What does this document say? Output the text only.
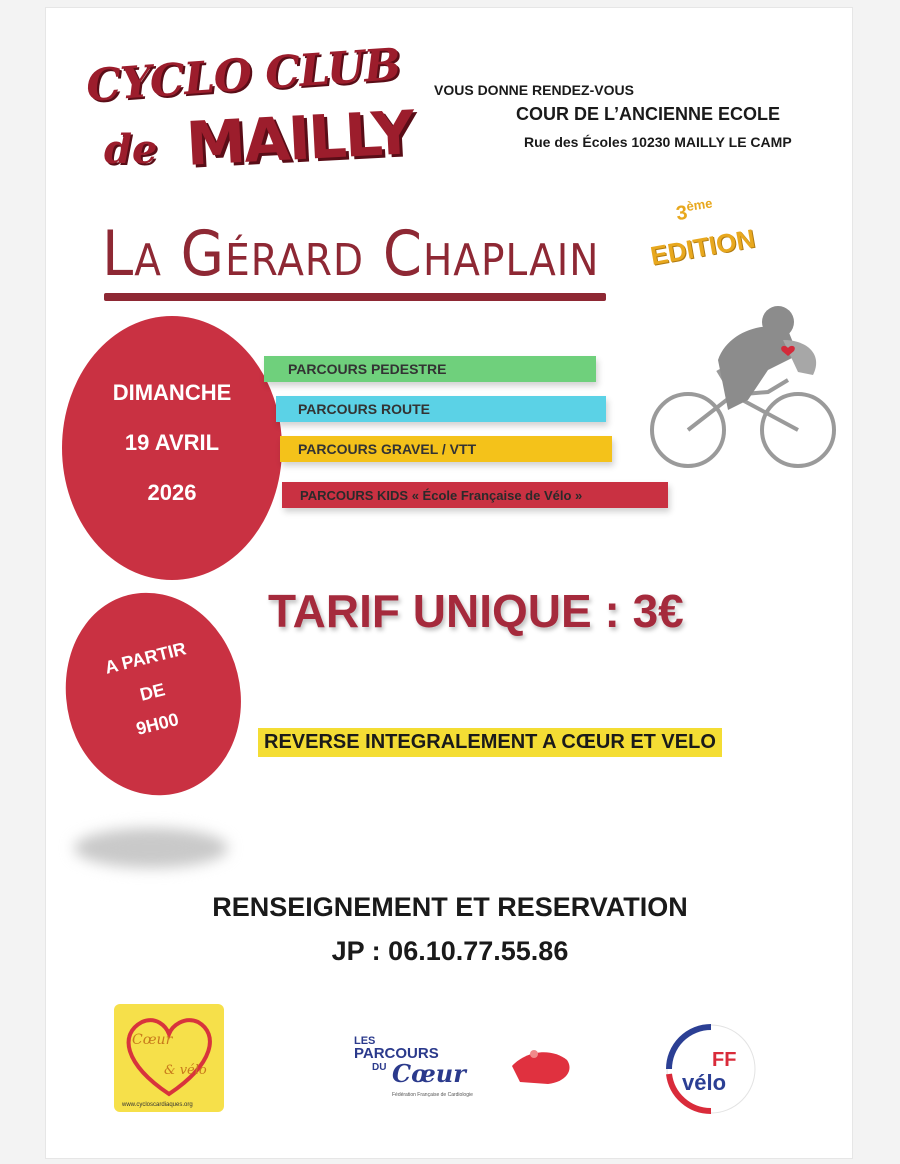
CYCLO CLUB
de MAILLY
VOUS DONNE RENDEZ-VOUS
COUR DE L’ANCIENNE ECOLE
Rue des Écoles 10230 MAILLY LE CAMP
La Gérard Chaplain
3ème
EDITION
DIMANCHE
19 AVRIL
2026
A PARTIR
DE
9H00
PARCOURS PEDESTRE
PARCOURS ROUTE
PARCOURS GRAVEL / VTT
PARCOURS KIDS « École Française de Vélo »
TARIF UNIQUE : 3€
REVERSE INTEGRALEMENT A CŒUR ET VELO
RENSEIGNEMENT ET RESERVATION
JP : 06.10.77.55.86
Cœur
& vélo
www.cycloscardiaques.org
LES
PARCOURS
DU Cœur
Fédération Française de Cardiologie
FF
vélo
